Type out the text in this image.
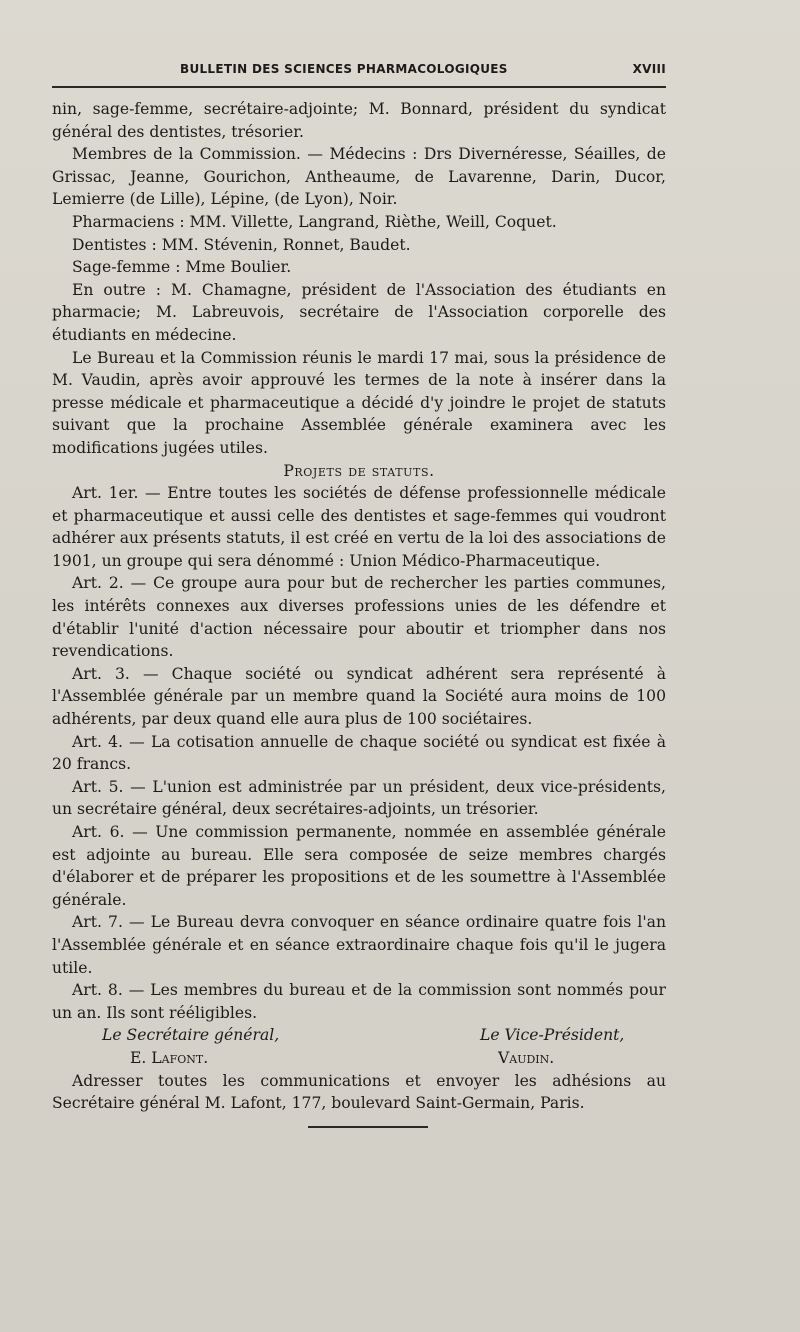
BULLETIN DES SCIENCES PHARMACOLOGIQUES	XVIII

nin, sage-femme, secrétaire-adjointe; M. Bonnard, président du syndicat général des dentistes, trésorier.

Membres de la Commission. — Médecins : Drs Divernéresse, Séailles, de Grissac, Jeanne, Gourichon, Antheaume, de Lavarenne, Darin, Ducor, Lemierre (de Lille), Lépine, (de Lyon), Noir.

Pharmaciens : MM. Villette, Langrand, Rièthe, Weill, Coquet.

Dentistes : MM. Stévenin, Ronnet, Baudet.

Sage-femme : Mme Boulier.

En outre : M. Chamagne, président de l'Association des étudiants en pharmacie; M. Labreuvois, secrétaire de l'Association corporelle des étudiants en médecine.

Le Bureau et la Commission réunis le mardi 17 mai, sous la présidence de M. Vaudin, après avoir approuvé les termes de la note à insérer dans la presse médicale et pharmaceutique a décidé d'y joindre le projet de statuts suivant que la prochaine Assemblée générale examinera avec les modifications jugées utiles.

Projets de statuts.

Art. 1er. — Entre toutes les sociétés de défense professionnelle médicale et pharmaceutique et aussi celle des dentistes et sage-femmes qui voudront adhérer aux présents statuts, il est créé en vertu de la loi des associations de 1901, un groupe qui sera dénommé : Union Médico-Pharmaceutique.

Art. 2. — Ce groupe aura pour but de rechercher les parties communes, les intérêts connexes aux diverses professions unies de les défendre et d'établir l'unité d'action nécessaire pour aboutir et triompher dans nos revendications.

Art. 3. — Chaque société ou syndicat adhérent sera représenté à l'Assemblée générale par un membre quand la Société aura moins de 100 adhérents, par deux quand elle aura plus de 100 sociétaires.

Art. 4. — La cotisation annuelle de chaque société ou syndicat est fixée à 20 francs.

Art. 5. — L'union est administrée par un président, deux vice-présidents, un secrétaire général, deux secrétaires-adjoints, un trésorier.

Art. 6. — Une commission permanente, nommée en assemblée générale est adjointe au bureau. Elle sera composée de seize membres chargés d'élaborer et de préparer les propositions et de les soumettre à l'Assemblée générale.

Art. 7. — Le Bureau devra convoquer en séance ordinaire quatre fois l'an l'Assemblée générale et en séance extraordinaire chaque fois qu'il le jugera utile.

Art. 8. — Les membres du bureau et de la commission sont nommés pour un an. Ils sont rééligibles.

Le Secrétaire général,	Le Vice-Président,
E. Lafont.	Vaudin.

Adresser toutes les communications et envoyer les adhésions au Secrétaire général M. Lafont, 177, boulevard Saint-Germain, Paris.
